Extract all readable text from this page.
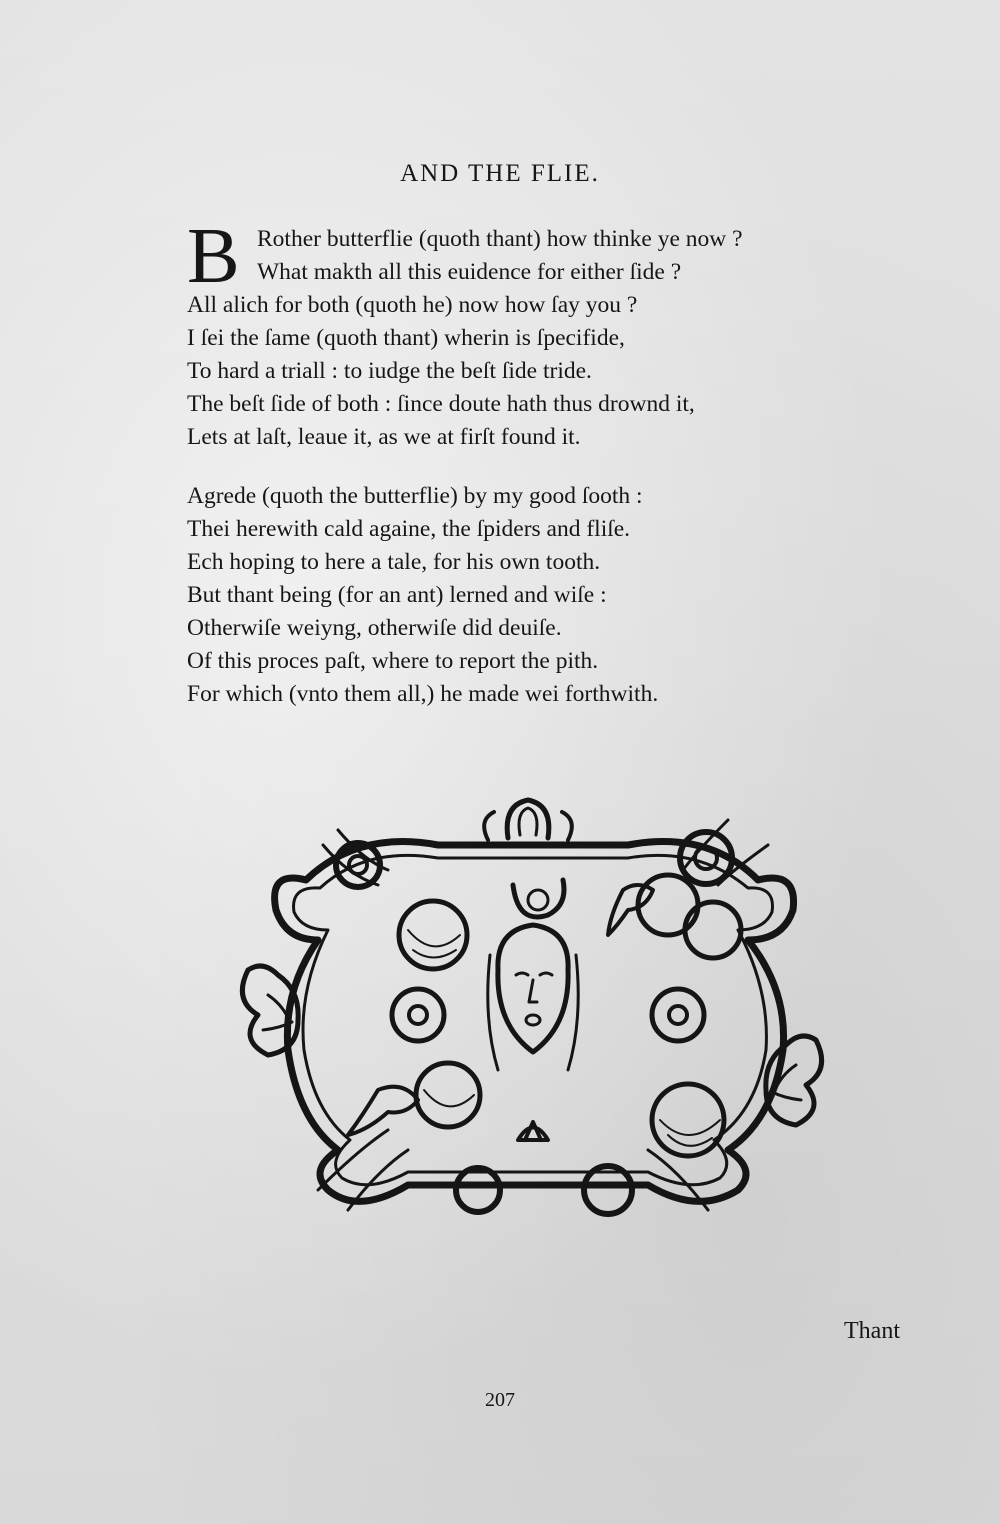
AND THE FLIE.
B Rother butterflie (quoth thant) how thinke ye now ?
What makth all this euidence for either ſide ?
All alich for both (quoth he) now how ſay you ?
I ſei the ſame (quoth thant) wherin is ſpecifide,
To hard a triall : to iudge the beſt ſide tride.
The beſt ſide of both : ſince doute hath thus drownd it,
Lets at laſt, leaue it, as we at firſt found it.
Agrede (quoth the butterflie) by my good ſooth :
Thei herewith cald againe, the ſpiders and fliſe.
Ech hoping to here a tale, for his own tooth.
But thant being (for an ant) lerned and wiſe :
Otherwiſe weiyng, otherwiſe did deuiſe.
Of this proces paſt, where to report the pith.
For which (vnto them all,) he made wei forthwith.
Thant
207
